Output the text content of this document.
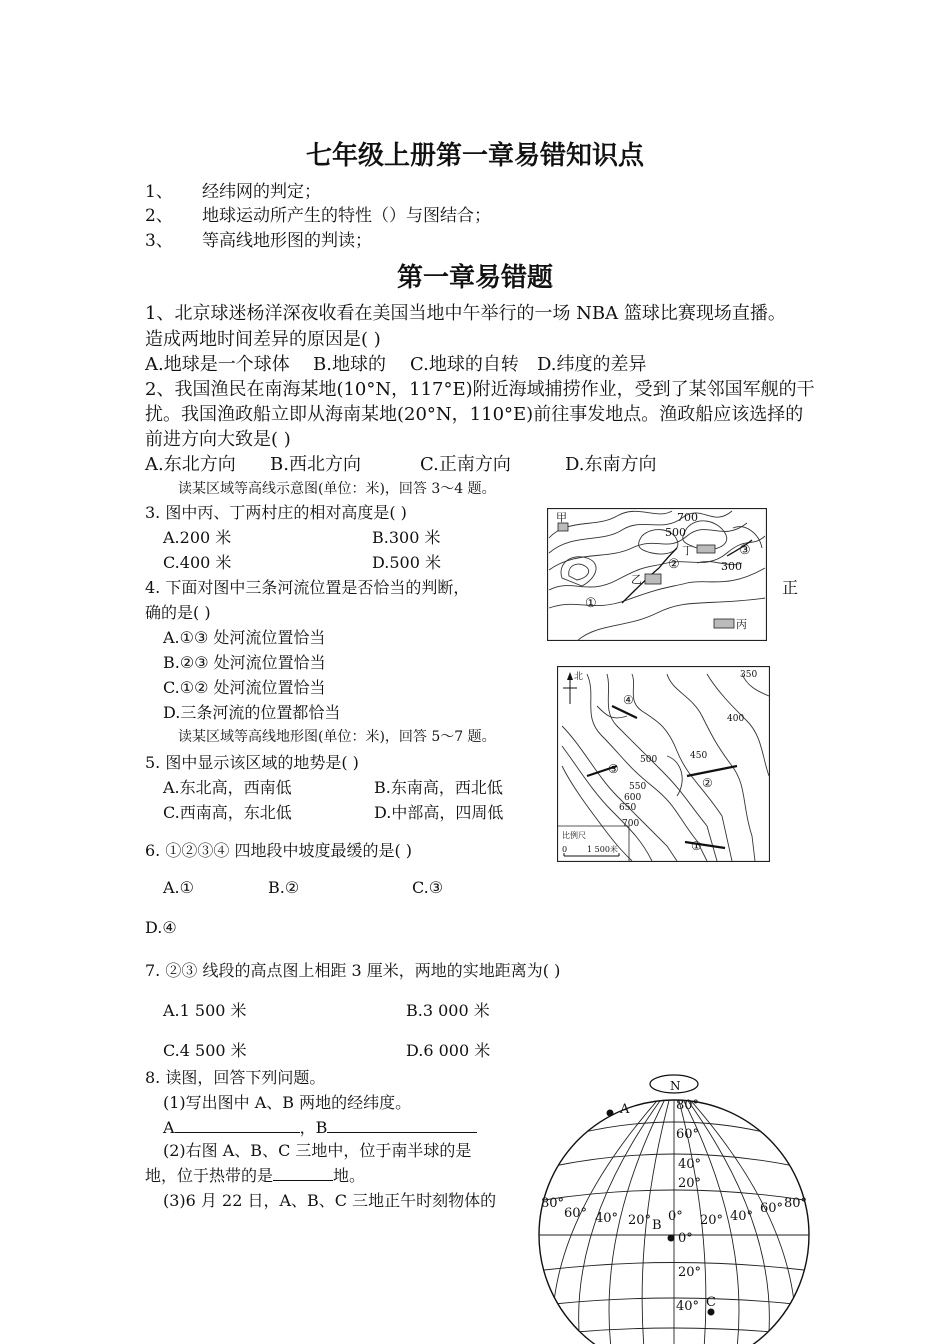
七年级上册第一章易错知识点
1、 经纬网的判定；
2、 地球运动所产生的特性（）与图结合；
3、 等高线地形图的判读；
第一章易错题
1、北京球迷杨洋深夜收看在美国当地中午举行的一场 NBA 篮球比赛现场直播。
造成两地时间差异的原因是( )
A.地球是一个球体 B.地球的 C.地球的自转 D.纬度的差异
2、我国渔民在南海某地(10°N，117°E)附近海域捕捞作业，受到了某邻国军舰的干
扰。我国渔政船立即从海南某地(20°N，110°E)前往事发地点。渔政船应该选择的
前进方向大致是( )
A.东北方向 B.西北方向	C.正南方向	D.东南方向
读某区域等高线示意图(单位：米)，回答 3～4 题。
3. 图中丙、丁两村庄的相对高度是( )
A.200 米	B.300 米
C.400 米	D.500 米
4. 下面对图中三条河流位置是否恰当的判断，	正
确的是( )
A.①③ 处河流位置恰当
B.②③ 处河流位置恰当
C.①② 处河流位置恰当
D.三条河流的位置都恰当
读某区域等高线地形图(单位：米)，回答 5～7 题。
5. 图中显示该区域的地势是( )
A.东北高，西南低	B.东南高，西北低
C.西南高，东北低	D.中部高，四周低
6. ①②③④ 四地段中坡度最缓的是( )
A.①	B.②	C.③
D.④
7. ②③ 线段的高点图上相距 3 厘米，两地的实地距离为( )
A.1 500 米	B.3 000 米
C.4 500 米	D.6 000 米
8. 读图，回答下列问题。
(1)写出图中 A、B 两地的经纬度。
A	，B
(2)右图 A、B、C 三地中，位于南半球的是
地，位于热带的是	地。
(3)6 月 22 日，A、B、C 三地正午时刻物体的
甲
乙
丁
丙
700
500
300
①
②
③
北	350
400
450
500
550
600
650
700
①
②
③
④
比例尺
0 1 500米
N
A
B
C
80°
60°
40°
20°
0°
20°
40°
80°
60° 40° 20° 0° 20° 40°
60° 80°
